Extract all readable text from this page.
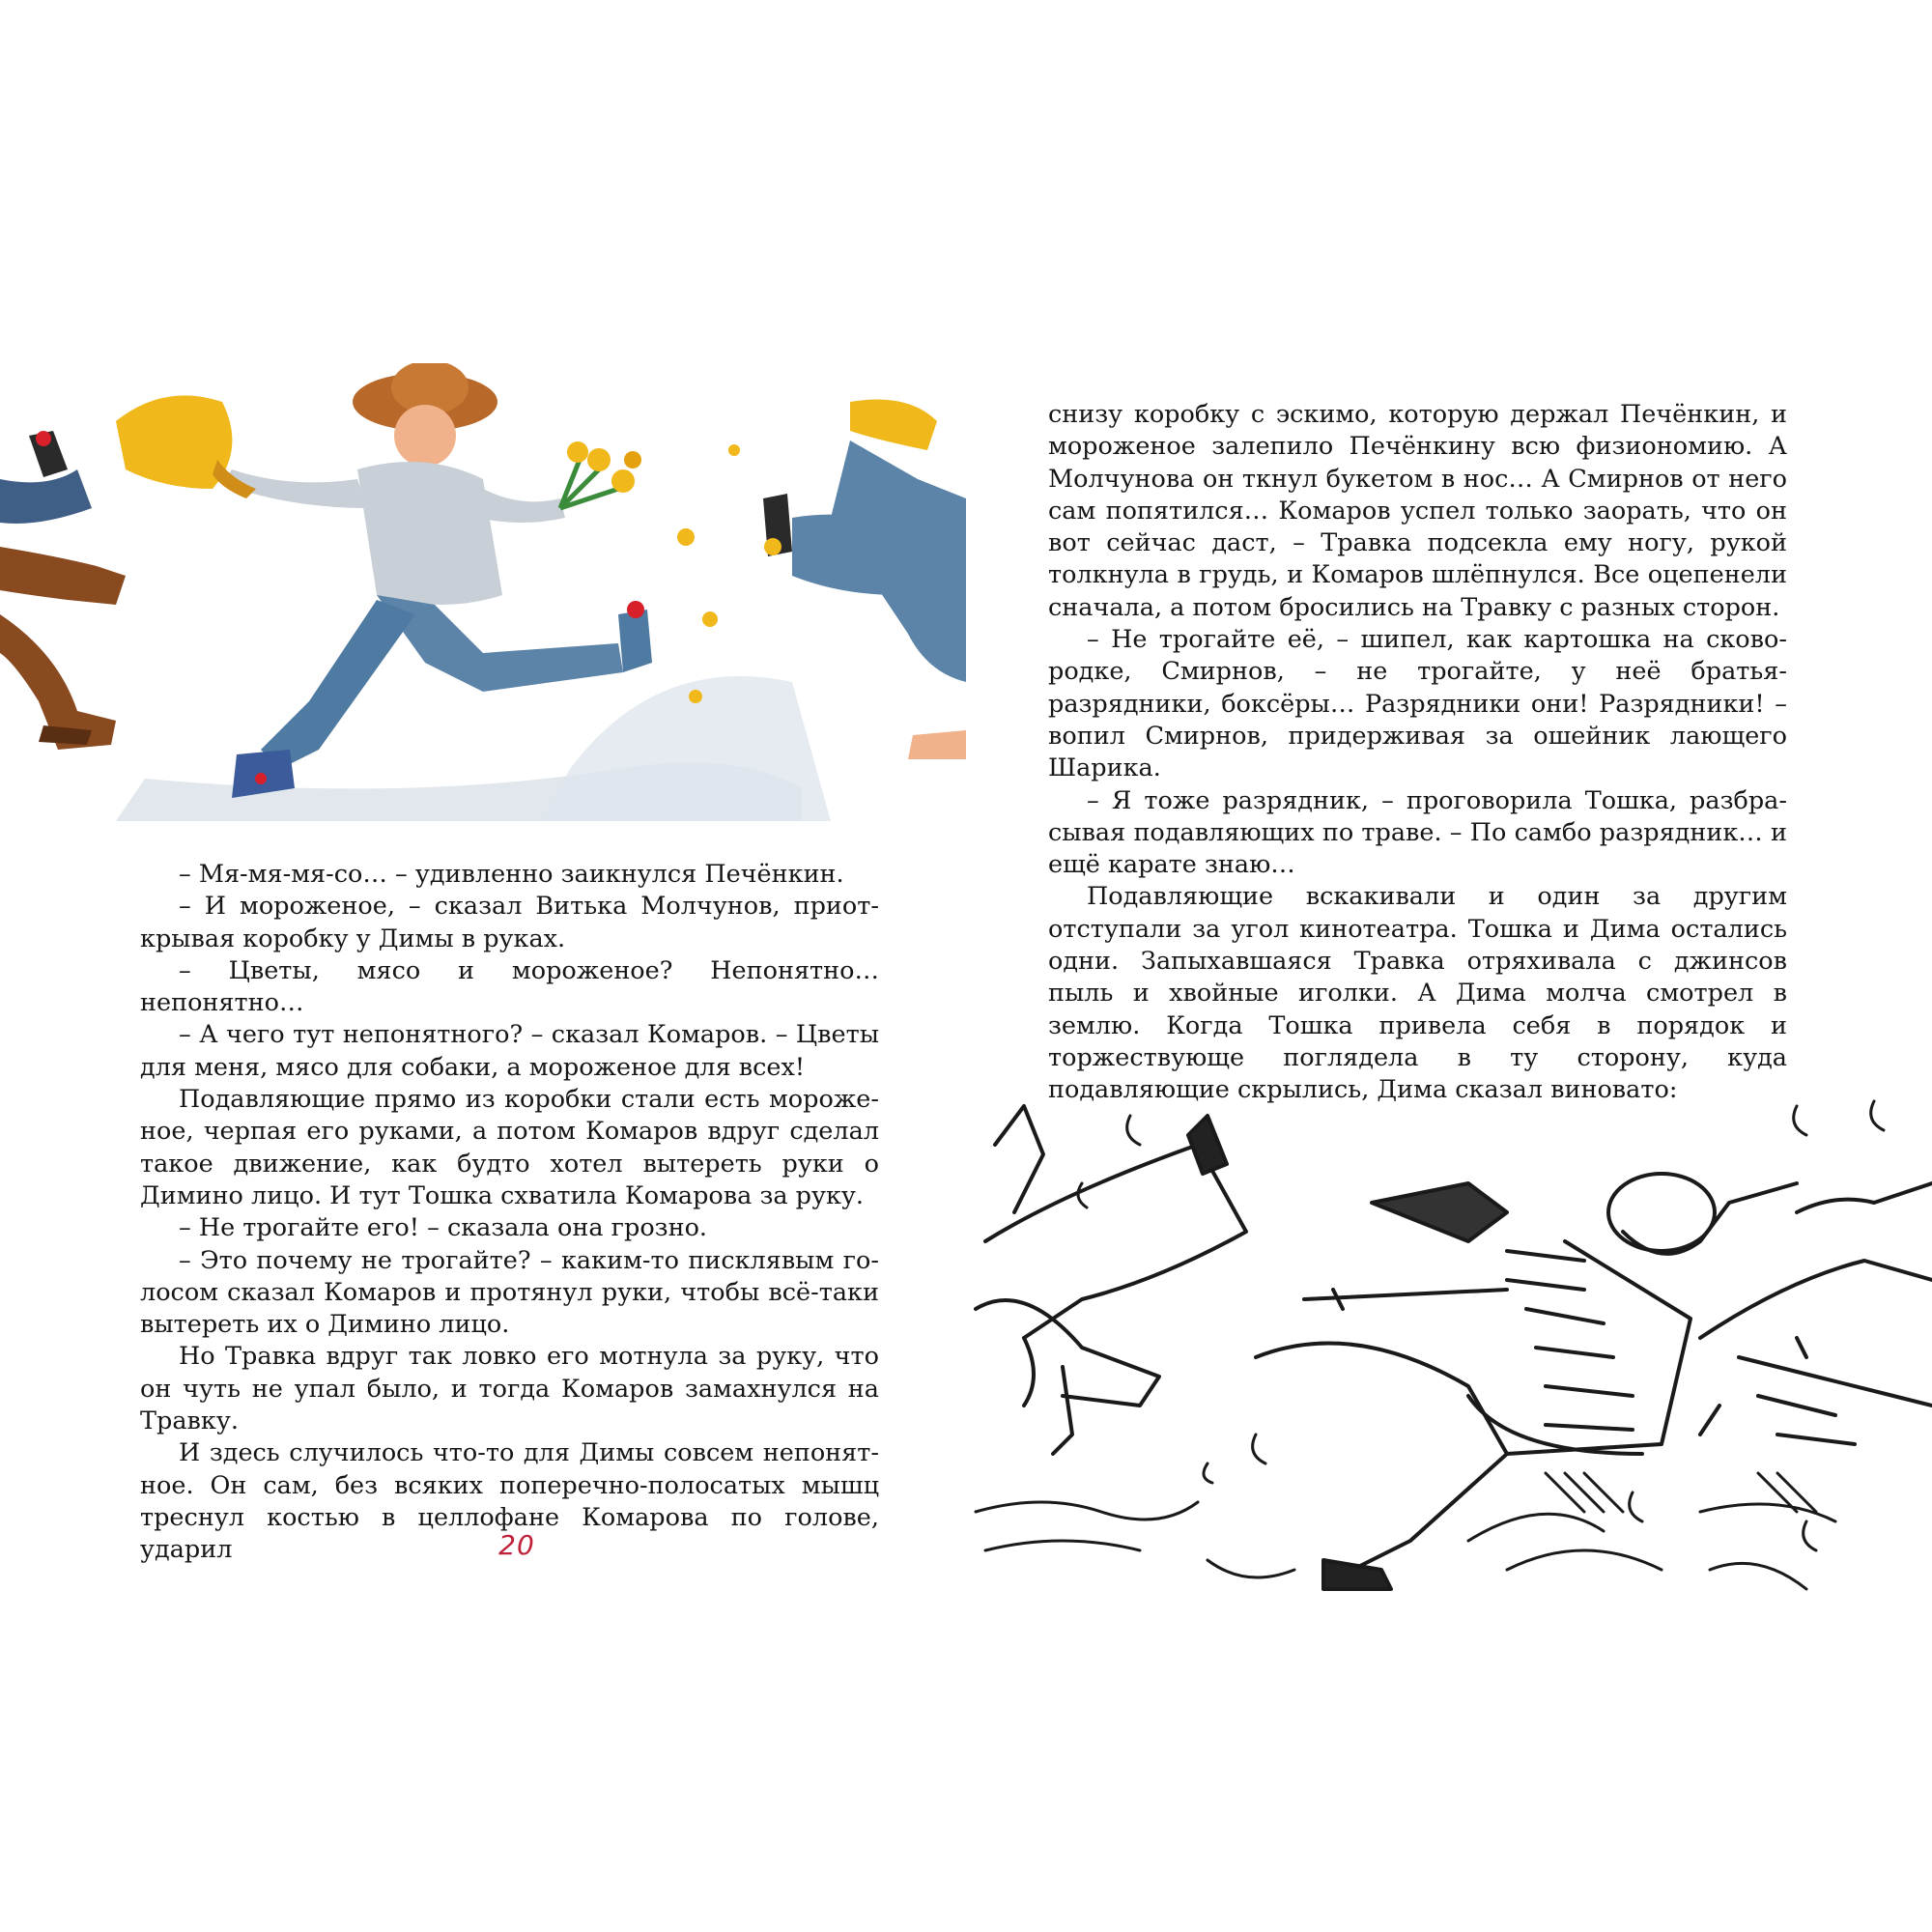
– Мя-мя-мя-со… – удивленно заикнулся Печёнкин.

– И мороженое, – сказал Витька Молчунов, приоткрывая коробку у Димы в руках.

– Цветы, мясо и мороженое? Непонятно… непонятно…

– А чего тут непонятного? – сказал Комаров. – Цветы для меня, мясо для собаки, а мороженое для всех!

Подавляющие прямо из коробки стали есть морожeное, черпая его руками, а потом Комаров вдруг сделал такое движение, как будто хотел вытереть руки о Димино лицо. И тут Тошка схватила Комарова за руку.

– Не трогайте его! – сказала она грозно.

– Это почему не трогайте? – каким-то писклявым голосом сказал Комаров и протянул руки, чтобы всё-таки вытереть их о Димино лицо.

Но Травка вдруг так ловко его мотнула за руку, что он чуть не упал было, и тогда Комаров замахнулся на Травку.

И здесь случилось что-то для Димы совсем непонятное. Он сам, без всяких поперечно-полосатых мышц треснул костью в целлофане Комарова по голове, ударил	20

снизу коробку с эскимо, которую держал Печёнкин, и мороженое залепило Печёнкину всю физиономию. А Молчунова он ткнул букетом в нос… А Смирнов от него сам попятился… Комаров успел только заорать, что он вот сейчас даст, – Травка подсекла ему ногу, рукой толкнула в грудь, и Комаров шлёпнулся. Все оцепенели сначала, а потом бросились на Травку с разных сторон.

– Не трогайте её, – шипел, как картошка на сковородке, Смирнов, – не трогайте, у неё братья-разрядники, боксёры… Разрядники они! Разрядники! – вопил Смирнов, придерживая за ошейник лающего Шарика.

– Я тоже разрядник, – проговорила Тошка, разбрасывая подавляющих по траве. – По самбо разрядник… и ещё карате знаю…

Подавляющие вскакивали и один за другим отступали за угол кинотеатра. Тошка и Дима остались одни. Запыхавшаяся Травка отряхивала с джинсов пыль и хвойные иголки. А Дима молча смотрел в землю. Когда Тошка привела себя в порядок и торжествующе поглядела в ту сторону, куда подавляющие скрылись, Дима сказал виновато:
